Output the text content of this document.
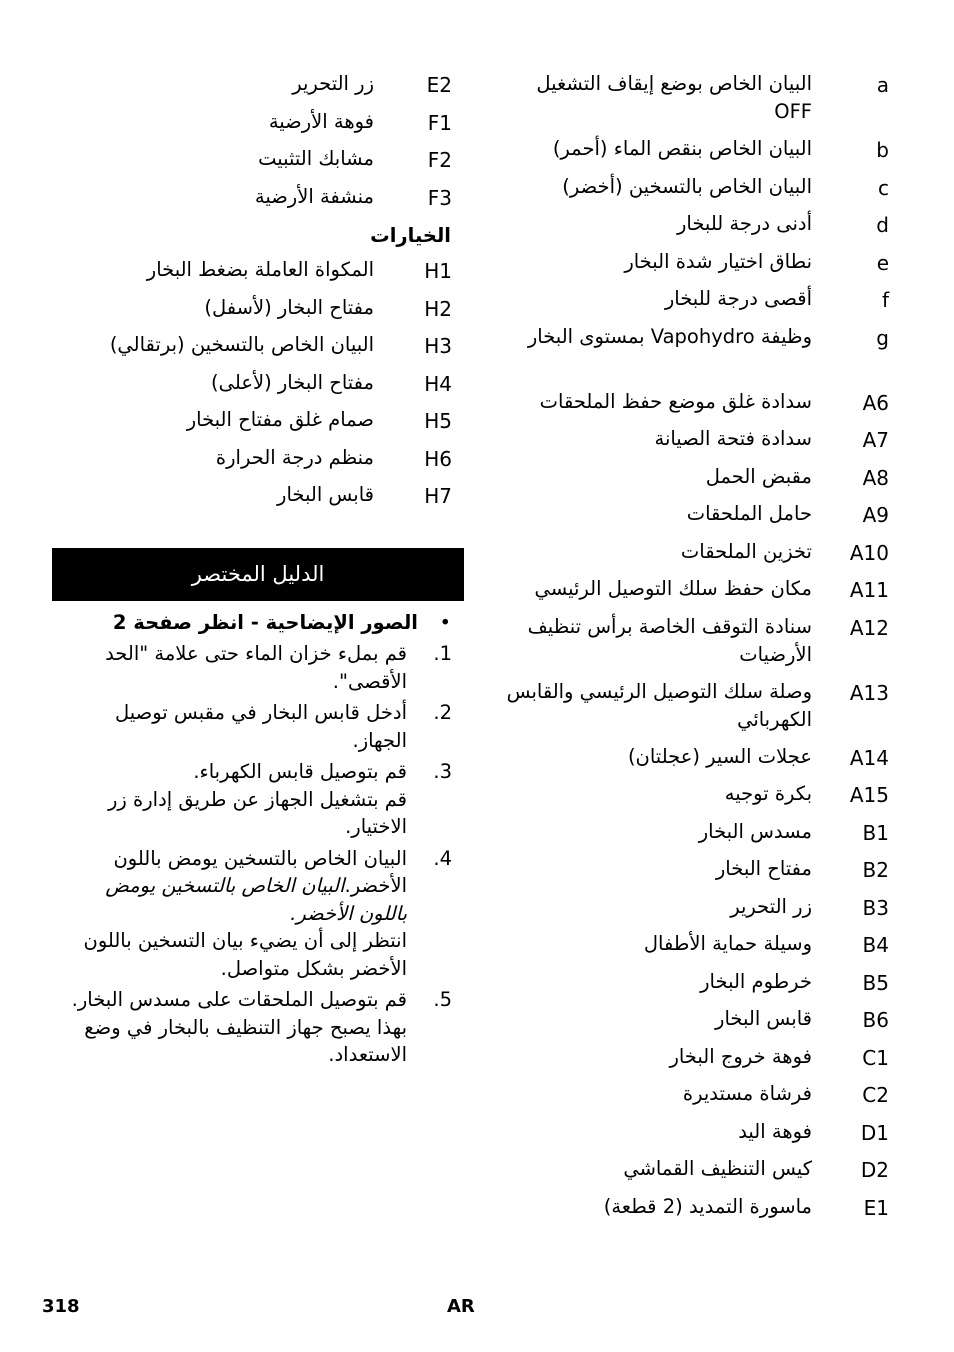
a
البيان الخاص بوضع إيقاف التشغيل OFF
b
البيان الخاص بنقص الماء (أحمر)
c
البيان الخاص بالتسخين (أخضر)
d
أدنى درجة للبخار
e
نطاق اختيار شدة البخار
f
أقصى درجة للبخار
g
وظيفة Vapohydro بمستوى البخار
A6
سدادة غلق موضع حفظ الملحقات
A7
سدادة فتحة الصيانة
A8
مقبض الحمل
A9
حامل الملحقات
A10
تخزين الملحقات
A11
مكان حفظ سلك التوصيل الرئيسي
A12
سنادة التوقف الخاصة برأس تنظيف الأرضيات
A13
وصلة سلك التوصيل الرئيسي والقابس الكهربائي
A14
عجلات السير (عجلتان)
A15
بكرة توجيه
B1
مسدس البخار
B2
مفتاح البخار
B3
زر التحرير
B4
وسيلة حماية الأطفال
B5
خرطوم البخار
B6
قابس البخار
C1
فوهة خروج البخار
C2
فرشاة مستديرة
D1
فوهة اليد
D2
كيس التنظيف القماشي
E1
ماسورة التمديد (2 قطعة)
E2
زر التحرير
F1
فوهة الأرضية
F2
مشابك التثبيت
F3
منشفة الأرضية
الخيارات
H1
المكواة العاملة بضغط البخار
H2
مفتاح البخار (لأسفل)
H3
البيان الخاص بالتسخين (برتقالي)
H4
مفتاح البخار (لأعلى)
H5
صمام غلق مفتاح البخار
H6
منظم درجة الحرارة
H7
قابس البخار
الدليل المختصر
•
الصور الإيضاحية - انظر صفحة 2
1.

قم بملء خزان الماء حتى علامة "الحد الأقصى".

2.

أدخل قابس البخار في مقبس توصيل الجهاز.

3.

قم بتوصيل قابس الكهرباء.

قم بتشغيل الجهاز عن طريق إدارة زر الاختيار.

4.

البيان الخاص بالتسخين يومض باللون الأخضر.البيان الخاص بالتسخين يومض باللون الأخضر.

انتظر إلى أن يضيء بيان التسخين باللون الأخضر بشكل متواصل.

5.

قم بتوصيل الملحقات على مسدس البخار.

بهذا يصبح جهاز التنظيف بالبخار في وضع الاستعداد.

318	AR
